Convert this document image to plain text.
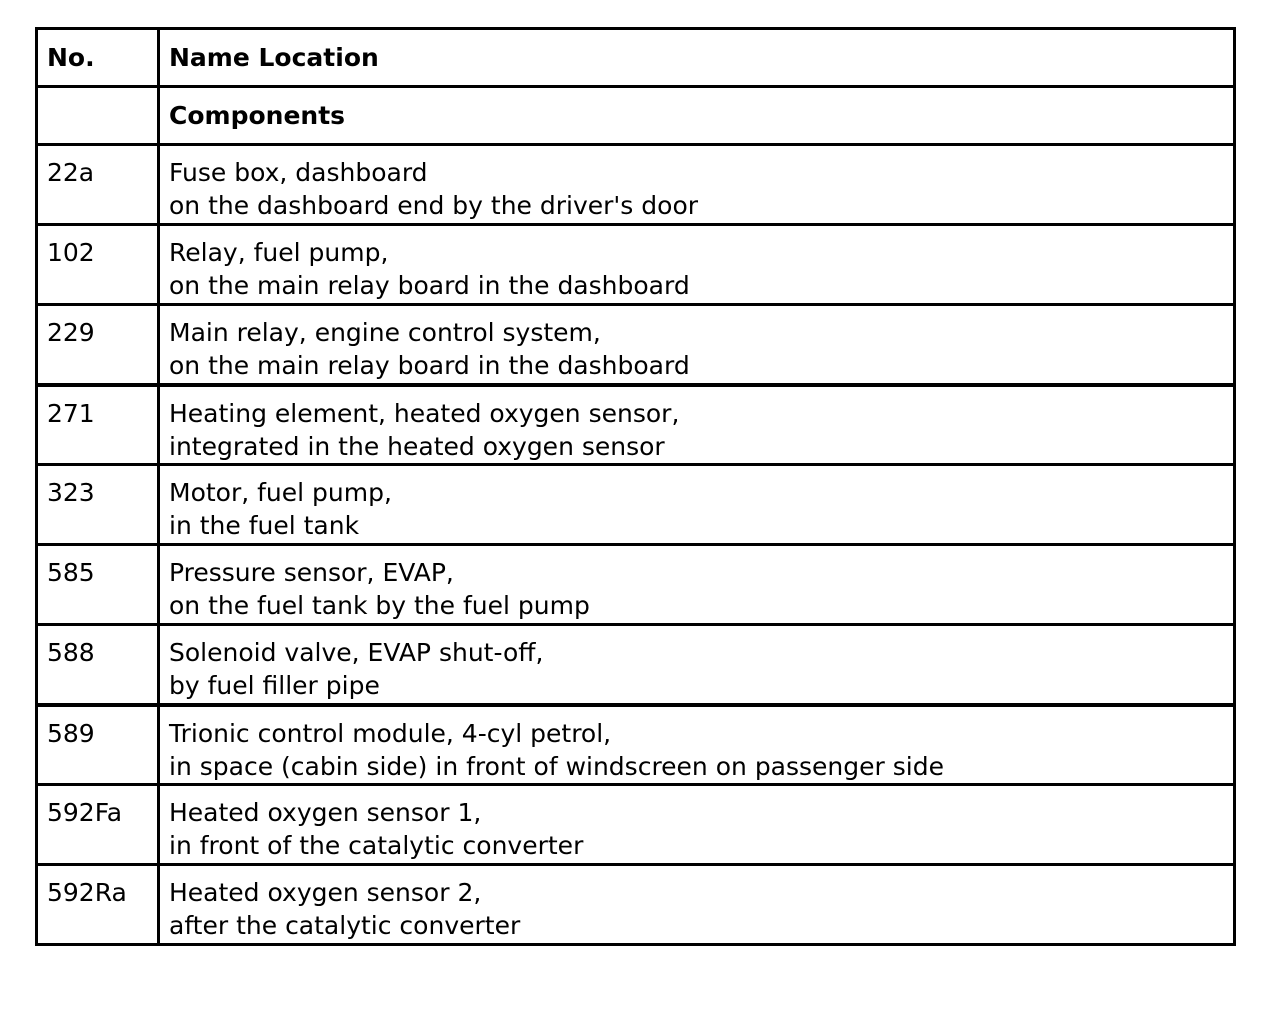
No.	Name Location
	Components
22a	Fuse box, dashboard
on the dashboard end by the driver's door

102	Relay, fuel pump,
on the main relay board in the dashboard

229	Main relay, engine control system,
on the main relay board in the dashboard

271	Heating element, heated oxygen sensor,
integrated in the heated oxygen sensor

323	Motor, fuel pump,
in the fuel tank

585	Pressure sensor, EVAP,
on the fuel tank by the fuel pump

588	Solenoid valve, EVAP shut-off,
by fuel filler pipe

589	Trionic control module, 4-cyl petrol,
in space (cabin side) in front of windscreen on passenger side

592Fa	Heated oxygen sensor 1,
in front of the catalytic converter

592Ra	Heated oxygen sensor 2,
after the catalytic converter
